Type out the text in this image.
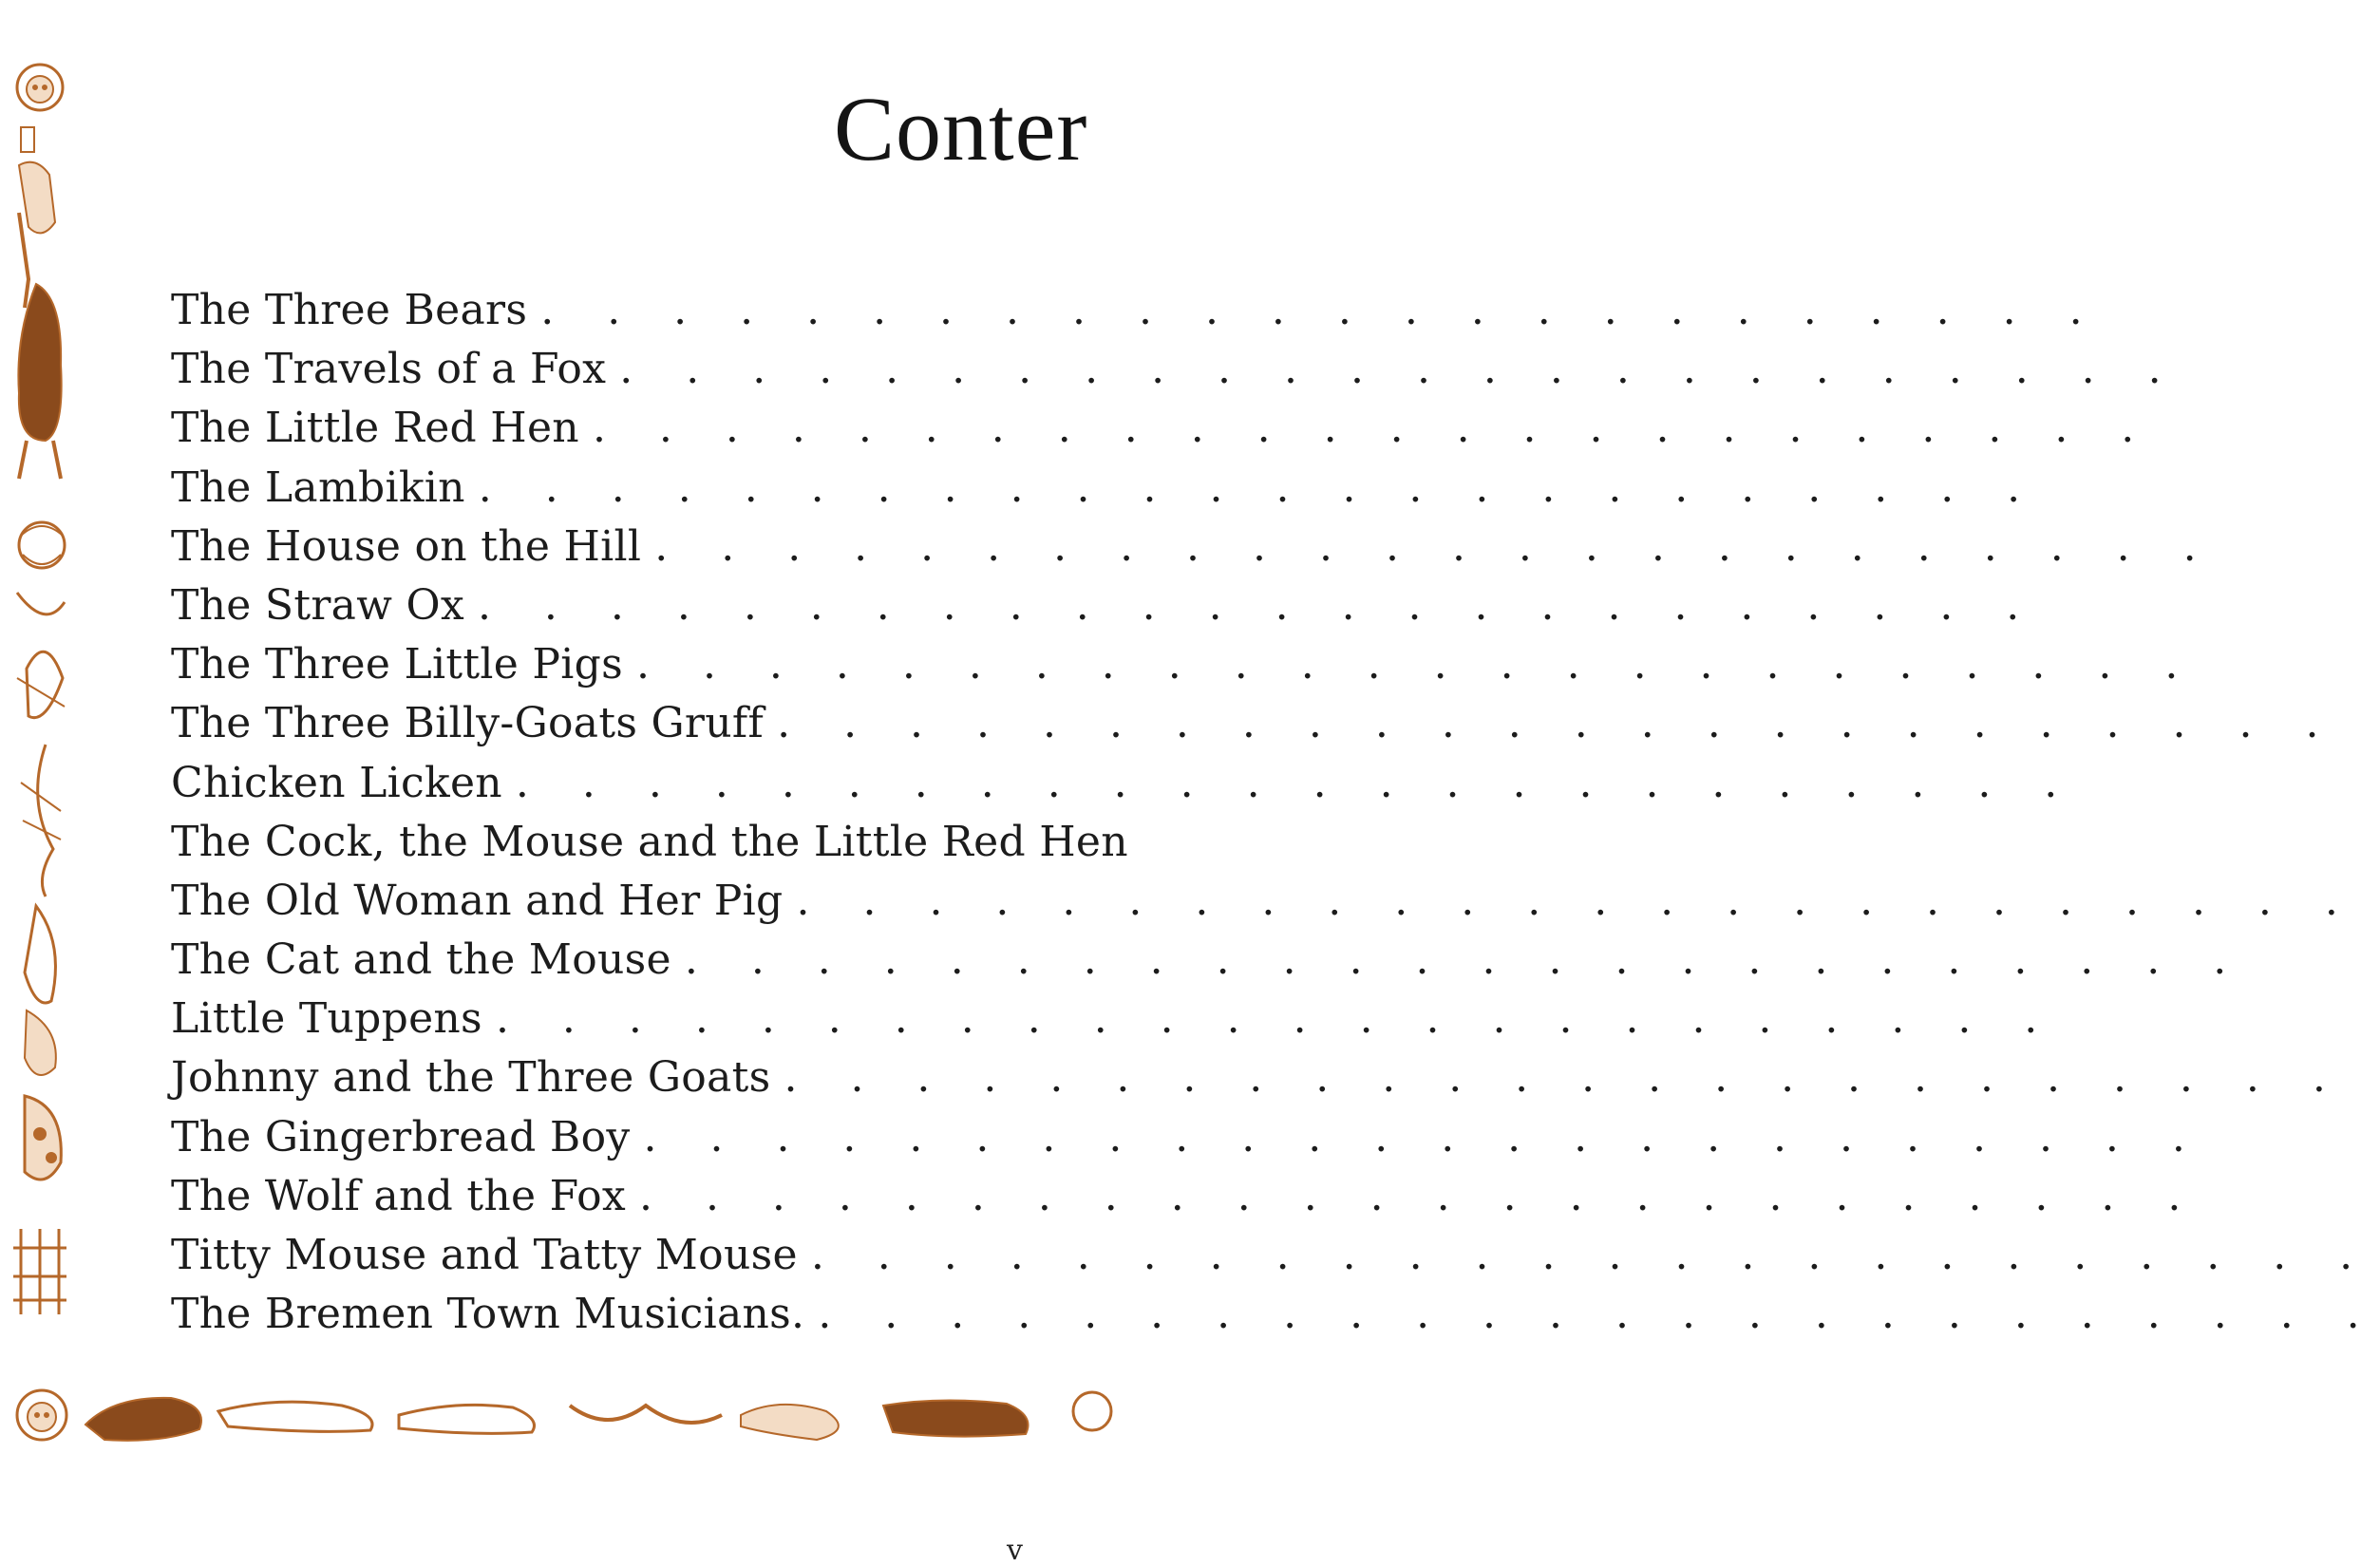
Conter
The Three Bears . . . . . . . . . . . . . . . . . . . . . . . .
The Travels of a Fox . . . . . . . . . . . . . . . . . . . . . . . .
The Little Red Hen . . . . . . . . . . . . . . . . . . . . . . . .
The Lambikin . . . . . . . . . . . . . . . . . . . . . . . .
The House on the Hill . . . . . . . . . . . . . . . . . . . . . . . .
The Straw Ox . . . . . . . . . . . . . . . . . . . . . . . .
The Three Little Pigs . . . . . . . . . . . . . . . . . . . . . . . .
The Three Billy-Goats Gruff . . . . . . . . . . . . . . . . . . . . . . . .
Chicken Licken . . . . . . . . . . . . . . . . . . . . . . . .
The Cock, the Mouse and the Little Red Hen
The Old Woman and Her Pig . . . . . . . . . . . . . . . . . . . . . . . .
The Cat and the Mouse . . . . . . . . . . . . . . . . . . . . . . . .
Little Tuppens . . . . . . . . . . . . . . . . . . . . . . . .
Johnny and the Three Goats . . . . . . . . . . . . . . . . . . . . . . . .
The Gingerbread Boy . . . . . . . . . . . . . . . . . . . . . . . .
The Wolf and the Fox . . . . . . . . . . . . . . . . . . . . . . . .
Titty Mouse and Tatty Mouse . . . . . . . . . . . . . . . . . . . . . . . .
The Bremen Town Musicians. . . . . . . . . . . . . . . . . . . . . . . . .
v
